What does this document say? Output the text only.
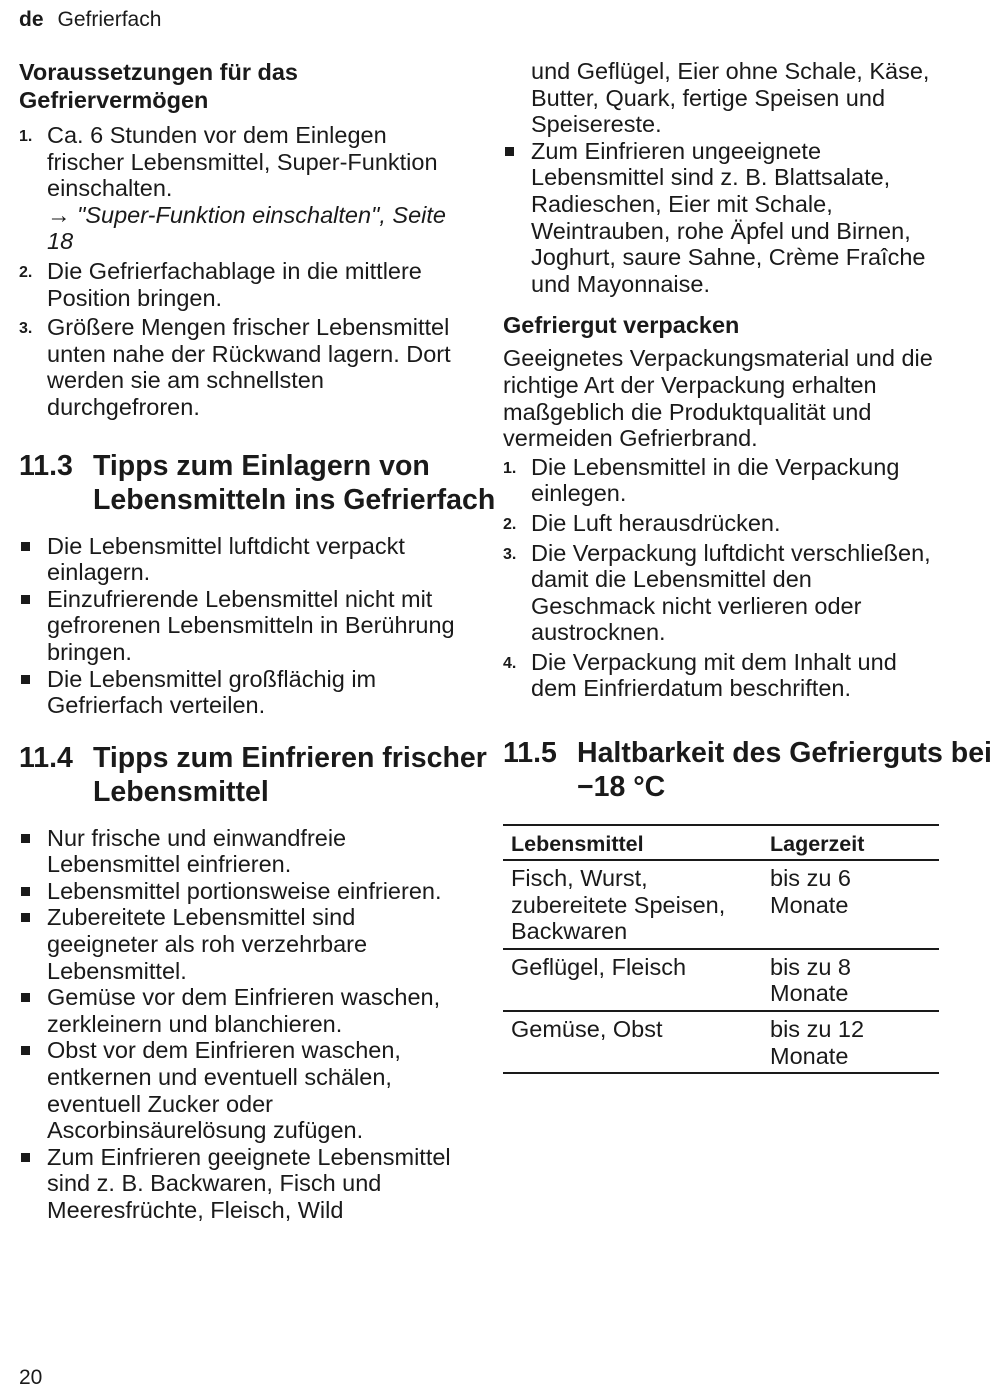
de Gefrierfach
Voraussetzungen für das Gefriervermögen
1. Ca. 6 Stunden vor dem Einlegen frischer Lebensmittel, Super-Funktion einschalten.
→ "Super-Funktion einschalten", Seite 18
2. Die Gefrierfachablage in die mittlere Position bringen.
3. Größere Mengen frischer Lebensmittel unten nahe der Rückwand lagern. Dort werden sie am schnellsten durchgefroren.
11.3 Tipps zum Einlagern von Lebensmitteln ins Gefrierfach
Die Lebensmittel luftdicht verpackt einlagern.
Einzufrierende Lebensmittel nicht mit gefrorenen Lebensmitteln in Berührung bringen.
Die Lebensmittel großflächig im Gefrierfach verteilen.
11.4 Tipps zum Einfrieren frischer Lebensmittel
Nur frische und einwandfreie Lebensmittel einfrieren.
Lebensmittel portionsweise einfrieren.
Zubereitete Lebensmittel sind geeigneter als roh verzehrbare Lebensmittel.
Gemüse vor dem Einfrieren waschen, zerkleinern und blanchieren.
Obst vor dem Einfrieren waschen, entkernen und eventuell schälen, eventuell Zucker oder Ascorbinsäurelösung zufügen.
Zum Einfrieren geeignete Lebensmittel sind z. B. Backwaren, Fisch und Meeresfrüchte, Fleisch, Wild

und Geflügel, Eier ohne Schale, Käse, Butter, Quark, fertige Speisen und Speisereste.

Zum Einfrieren ungeeignete Lebensmittel sind z. B. Blattsalate, Radieschen, Eier mit Schale, Weintrauben, rohe Äpfel und Birnen, Joghurt, saure Sahne, Crème Fraîche und Mayonnaise.
Gefriergut verpacken

Geeignetes Verpackungsmaterial und die richtige Art der Verpackung erhalten maßgeblich die Produktqualität und vermeiden Gefrierbrand.

1. Die Lebensmittel in die Verpackung einlegen.
2. Die Luft herausdrücken.
3. Die Verpackung luftdicht verschließen, damit die Lebensmittel den Geschmack nicht verlieren oder austrocknen.
4. Die Verpackung mit dem Inhalt und dem Einfrierdatum beschriften.
11.5 Haltbarkeit des Gefrierguts bei −18 °C
Lebensmittel	Lagerzeit
Fisch, Wurst, zubereitete Speisen, Backwaren	bis zu 6 Monate
Geflügel, Fleisch	bis zu 8 Monate
Gemüse, Obst	bis zu 12 Monate
20
